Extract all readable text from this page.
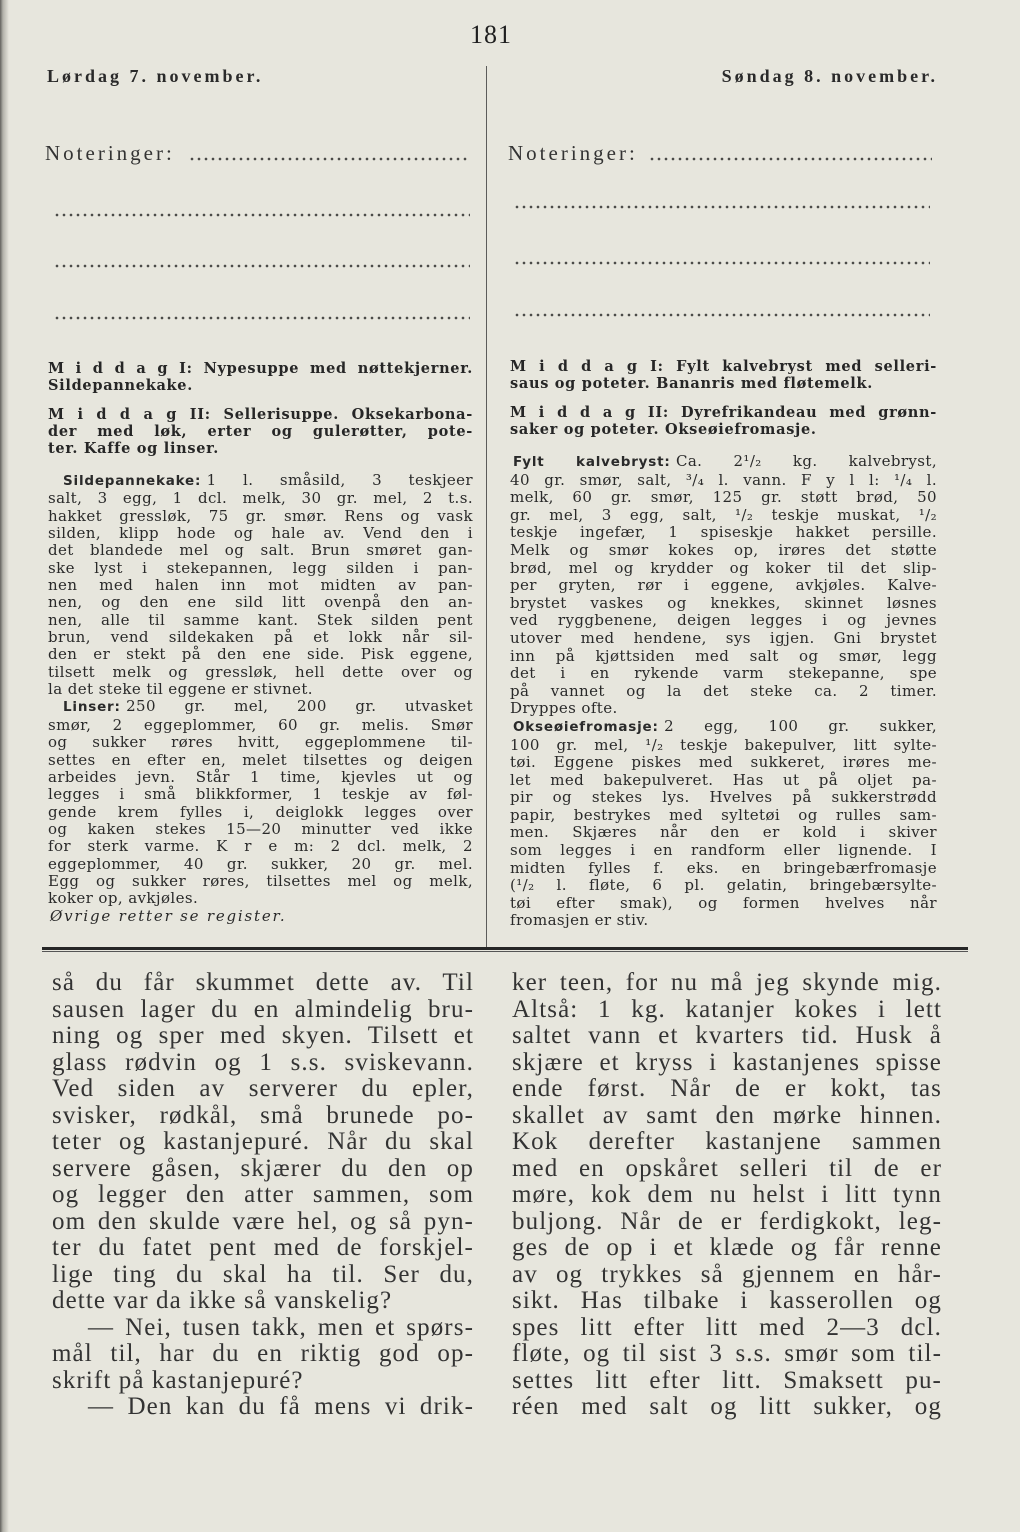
181
Lørdag 7. november.	Søndag 8. november.
Noteringer:	Noteringer:
M i d d a g I: Nypesuppe med nøttekjerner.
Sildepannekake.
M i d d a g II: Sellerisuppe. Oksekarbona-
der med løk, erter og gulerøtter, pote-
ter. Kaffe og linser.
Sildepannekake: 1 l. småsild, 3 teskjeer
salt, 3 egg, 1 dcl. melk, 30 gr. mel, 2 t.s.
hakket gressløk, 75 gr. smør. Rens og vask
silden, klipp hode og hale av. Vend den i
det blandede mel og salt. Brun smøret gan-
ske lyst i stekepannen, legg silden i pan-
nen med halen inn mot midten av pan-
nen, og den ene sild litt ovenpå den an-
nen, alle til samme kant. Stek silden pent
brun, vend sildekaken på et lokk når sil-
den er stekt på den ene side. Pisk eggene,
tilsett melk og gressløk, hell dette over og
la det steke til eggene er stivnet.
Linser: 250 gr. mel, 200 gr. utvasket
smør, 2 eggeplommer, 60 gr. melis. Smør
og sukker røres hvitt, eggeplommene til-
settes en efter en, melet tilsettes og deigen
arbeides jevn. Står 1 time, kjevles ut og
legges i små blikkformer, 1 teskje av føl-
gende krem fylles i, deiglokk legges over
og kaken stekes 15—20 minutter ved ikke
for sterk varme. K r e m: 2 dcl. melk, 2
eggeplommer, 40 gr. sukker, 20 gr. mel.
Egg og sukker røres, tilsettes mel og melk,
koker op, avkjøles.
Øvrige retter se register.
M i d d a g I: Fylt kalvebryst med selleri-
saus og poteter. Bananris med fløtemelk.
M i d d a g II: Dyrefrikandeau med grønn-
saker og poteter. Okseøiefromasje.
Fylt kalvebryst: Ca. 2¹/₂ kg. kalvebryst,
40 gr. smør, salt, ³/₄ l. vann. F y l l: ¹/₄ l.
melk, 60 gr. smør, 125 gr. støtt brød, 50
gr. mel, 3 egg, salt, ¹/₂ teskje muskat, ¹/₂
teskje ingefær, 1 spiseskje hakket persille.
Melk og smør kokes op, irøres det støtte
brød, mel og krydder og koker til det slip-
per gryten, rør i eggene, avkjøles. Kalve-
brystet vaskes og knekkes, skinnet løsnes
ved ryggbenene, deigen legges i og jevnes
utover med hendene, sys igjen. Gni brystet
inn på kjøttsiden med salt og smør, legg
det i en rykende varm stekepanne, spe
på vannet og la det steke ca. 2 timer.
Dryppes ofte.
Okseøiefromasje: 2 egg, 100 gr. sukker,
100 gr. mel, ¹/₂ teskje bakepulver, litt sylte-
tøi. Eggene piskes med sukkeret, irøres me-
let med bakepulveret. Has ut på oljet pa-
pir og stekes lys. Hvelves på sukkerstrødd
papir, bestrykes med syltetøi og rulles sam-
men. Skjæres når den er kold i skiver
som legges i en randform eller lignende. I
midten fylles f. eks. en bringebærfromasje
(¹/₂ l. fløte, 6 pl. gelatin, bringebærsylte-
tøi efter smak), og formen hvelves når
fromasjen er stiv.
så du får skummet dette av. Til
sausen lager du en almindelig bru-
ning og sper med skyen. Tilsett et
glass rødvin og 1 s.s. sviskevann.
Ved siden av serverer du epler,
svisker, rødkål, små brunede po-
teter og kastanjepuré. Når du skal
servere gåsen, skjærer du den op
og legger den atter sammen, som
om den skulde være hel, og så pyn-
ter du fatet pent med de forskjel-
lige ting du skal ha til. Ser du,
dette var da ikke så vanskelig?
— Nei, tusen takk, men et spørs-
mål til, har du en riktig god op-
skrift på kastanjepuré?
— Den kan du få mens vi drik-
ker teen, for nu må jeg skynde mig.
Altså: 1 kg. katanjer kokes i lett
saltet vann et kvarters tid. Husk å
skjære et kryss i kastanjenes spisse
ende først. Når de er kokt, tas
skallet av samt den mørke hinnen.
Kok derefter kastanjene sammen
med en opskåret selleri til de er
møre, kok dem nu helst i litt tynn
buljong. Når de er ferdigkokt, leg-
ges de op i et klæde og får renne
av og trykkes så gjennem en hår-
sikt. Has tilbake i kasserollen og
spes litt efter litt med 2—3 dcl.
fløte, og til sist 3 s.s. smør som til-
settes litt efter litt. Smaksett pu-
réen med salt og litt sukker, og
